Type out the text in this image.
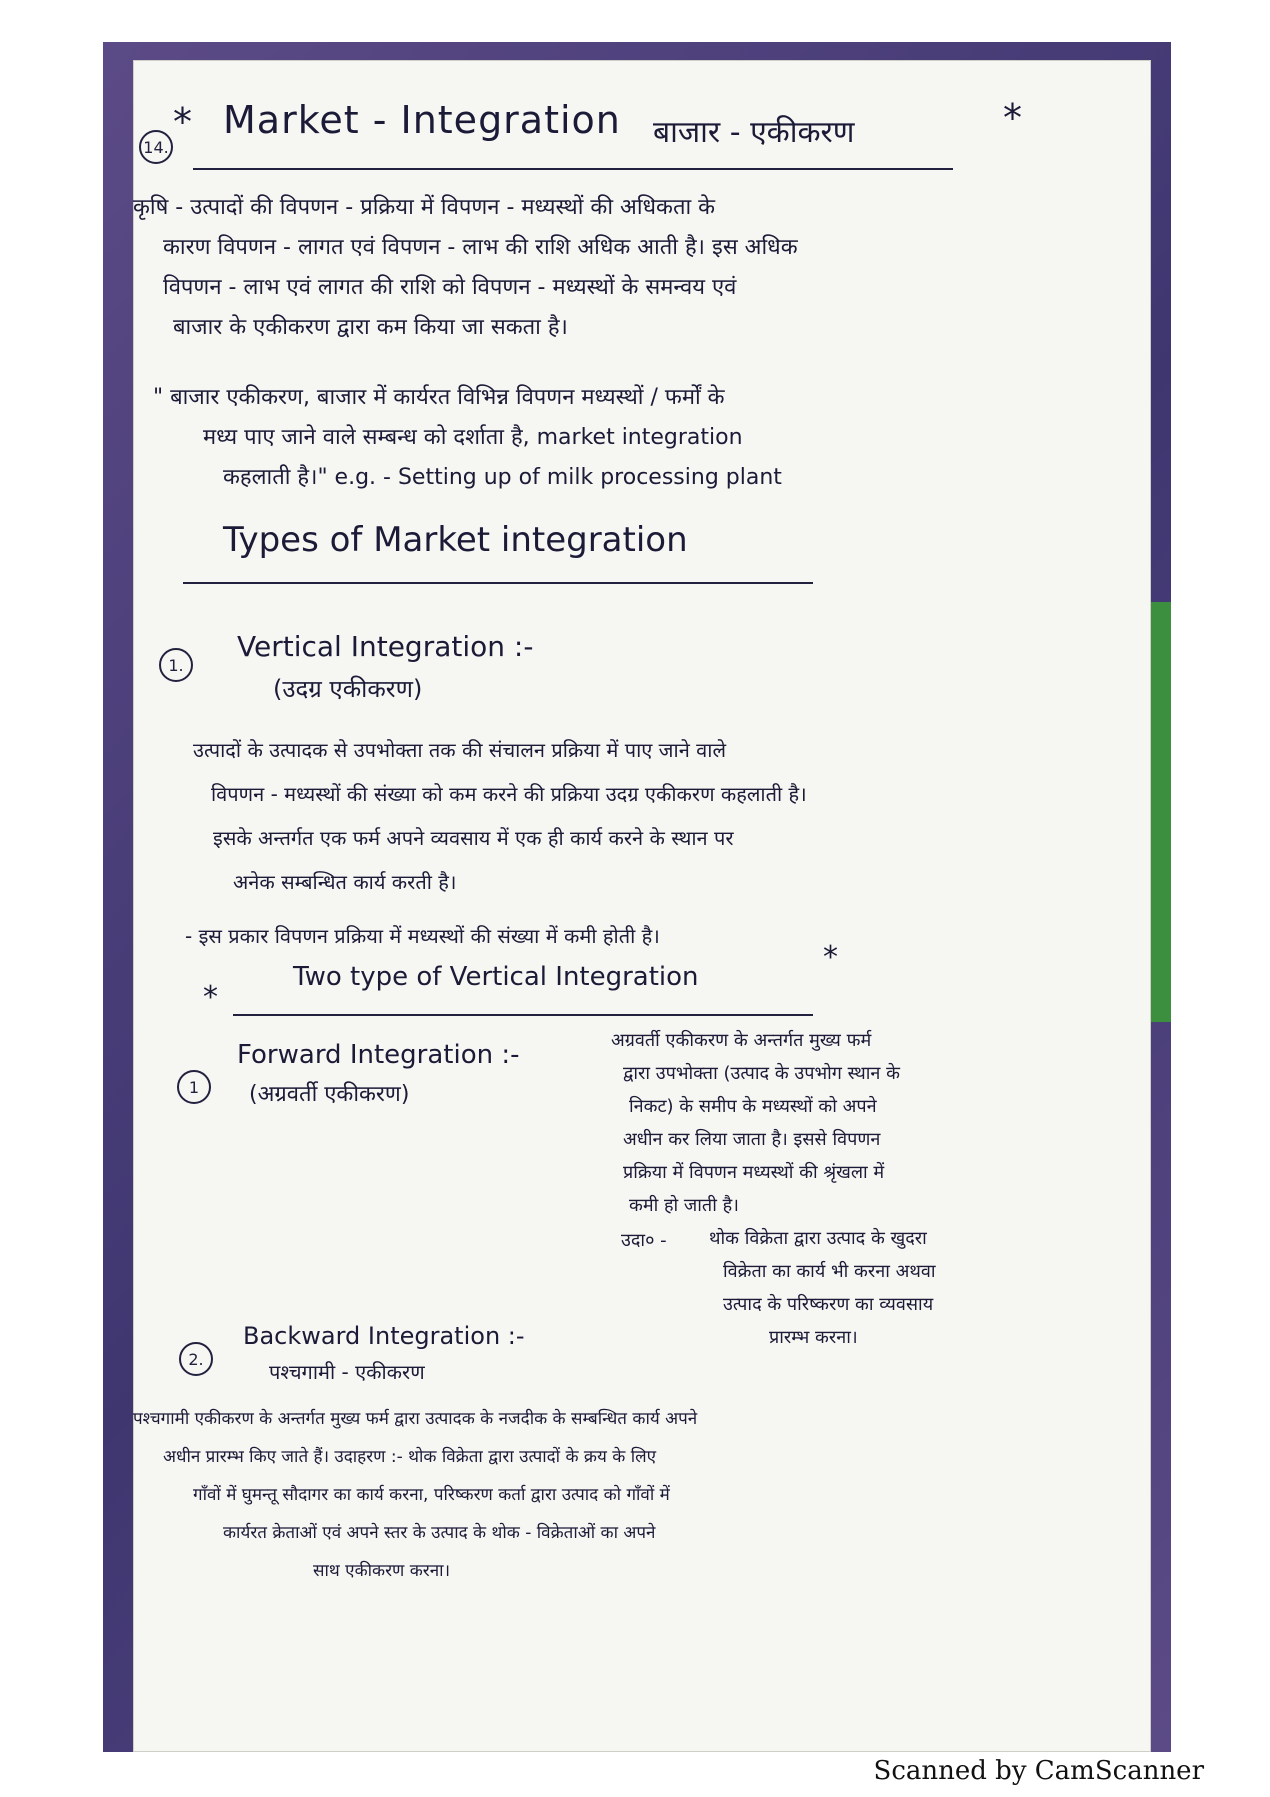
14.
* Market - Integration बाजार - एकीकरण	*
कृषि - उत्पादों की विपणन - प्रक्रिया में विपणन - मध्यस्थों की अधिकता के
कारण विपणन - लागत एवं विपणन - लाभ की राशि अधिक आती है। इस अधिक
विपणन - लाभ एवं लागत की राशि को विपणन - मध्यस्थों के समन्वय एवं
बाजार के एकीकरण द्वारा कम किया जा सकता है।
" बाजार एकीकरण, बाजार में कार्यरत विभिन्न विपणन मध्यस्थों / फर्मों के
मध्य पाए जाने वाले सम्बन्ध को दर्शाता है, market integration
कहलाती है।" e.g. - Setting up of milk processing plant
Types of Market integration
1.
Vertical Integration :-
(उदग्र एकीकरण)
उत्पादों के उत्पादक से उपभोक्ता तक की संचालन प्रक्रिया में पाए जाने वाले
विपणन - मध्यस्थों की संख्या को कम करने की प्रक्रिया उदग्र एकीकरण कहलाती है।
इसके अन्तर्गत एक फर्म अपने व्यवसाय में एक ही कार्य करने के स्थान पर
अनेक सम्बन्धित कार्य करती है।
- इस प्रकार विपणन प्रक्रिया में मध्यस्थों की संख्या में कमी होती है।
*
Two type of Vertical Integration
*
1
Forward Integration :-
(अग्रवर्ती एकीकरण)
अग्रवर्ती एकीकरण के अन्तर्गत मुख्य फर्म
द्वारा उपभोक्ता (उत्पाद के उपभोग स्थान के
निकट) के समीप के मध्यस्थों को अपने
अधीन कर लिया जाता है। इससे विपणन
प्रक्रिया में विपणन मध्यस्थों की श्रृंखला में
कमी हो जाती है।
उदा० - थोक विक्रेता द्वारा उत्पाद के खुदरा
विक्रेता का कार्य भी करना अथवा
उत्पाद के परिष्करण का व्यवसाय
प्रारम्भ करना।
2.
Backward Integration :-
पश्चगामी - एकीकरण
पश्चगामी एकीकरण के अन्तर्गत मुख्य फर्म द्वारा उत्पादक के नजदीक के सम्बन्धित कार्य अपने
अधीन प्रारम्भ किए जाते हैं। उदाहरण :- थोक विक्रेता द्वारा उत्पादों के क्रय के लिए
गाँवों में घुमन्तू सौदागर का कार्य करना, परिष्करण कर्ता द्वारा उत्पाद को गाँवों में
कार्यरत क्रेताओं एवं अपने स्तर के उत्पाद के थोक - विक्रेताओं का अपने
साथ एकीकरण करना।
Scanned by CamScanner
